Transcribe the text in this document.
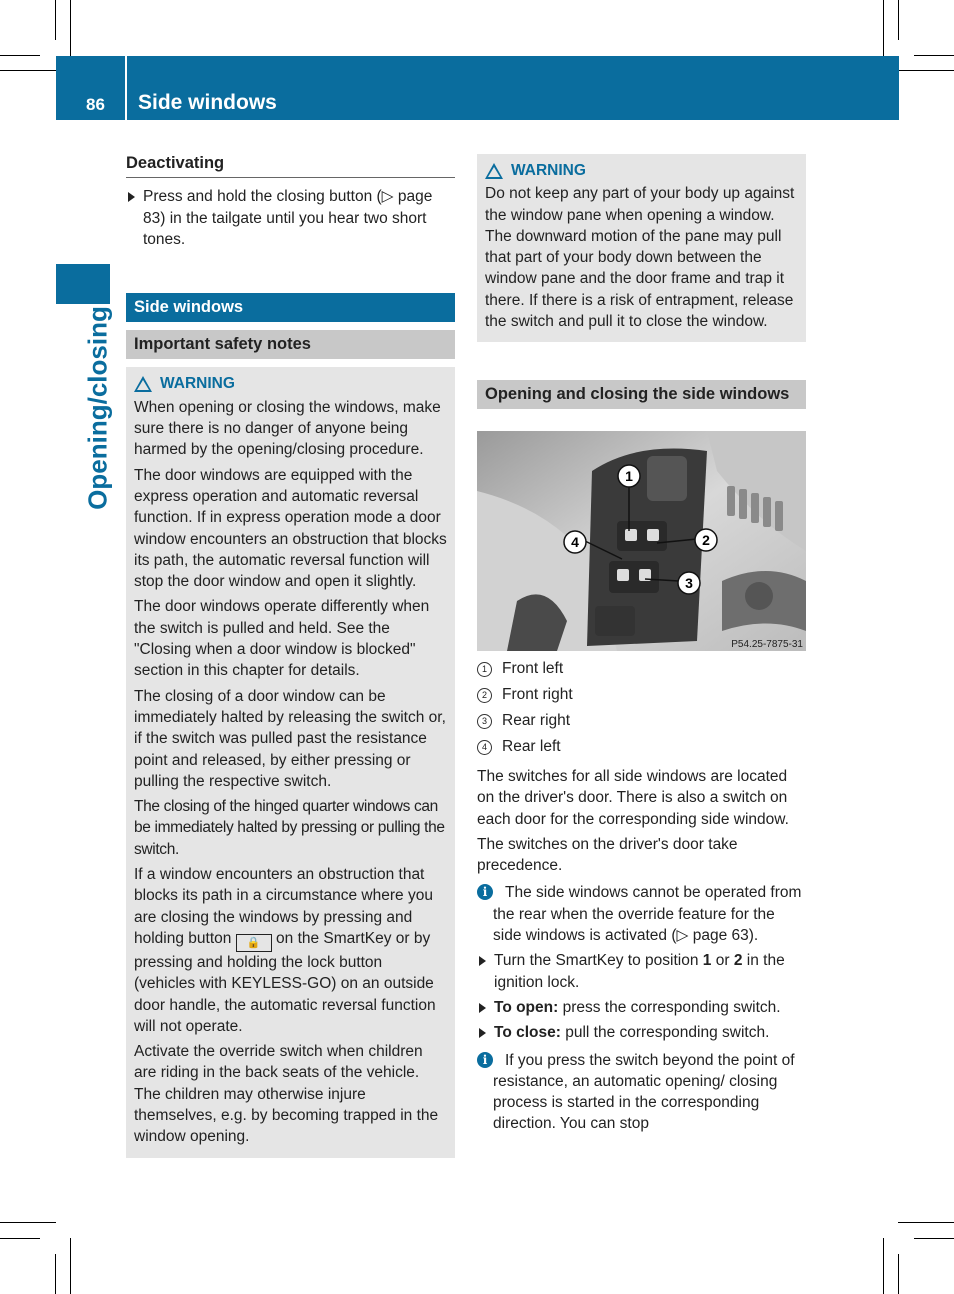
86 Side windows
Opening/closing
Deactivating

Press and hold the closing button (▷ page 83) in the tailgate until you hear two short tones.

Side windows
Important safety notes
WARNING

When opening or closing the windows, make sure there is no danger of anyone being harmed by the opening/closing procedure.

The door windows are equipped with the express operation and automatic reversal function. If in express operation mode a door window encounters an obstruction that blocks its path, the automatic reversal function will stop the door window and open it slightly.

The door windows operate differently when the switch is pulled and held. See the "Closing when a door window is blocked" section in this chapter for details.

The closing of a door window can be immediately halted by releasing the switch or, if the switch was pulled past the resistance point and released, by either pressing or pulling the respective switch.

The closing of the hinged quarter windows can be immediately halted by pressing or pulling the switch.

If a window encounters an obstruction that blocks its path in a circumstance where you are closing the windows by pressing and holding button 🔒 on the SmartKey or by pressing and holding the lock button (vehicles with KEYLESS-GO) on an outside door handle, the automatic reversal function will not operate.

Activate the override switch when children are riding in the back seats of the vehicle. The children may otherwise injure themselves, e.g. by becoming trapped in the window opening.

WARNING

Do not keep any part of your body up against the window pane when opening a window. The downward motion of the pane may pull that part of your body down between the window pane and the door frame and trap it there. If there is a risk of entrapment, release the switch and pull it to close the window.

Opening and closing the side windows
1
2
3
4
P54.25-7875-31
1 Front left
2 Front right
3 Rear right
4 Rear left

The switches for all side windows are located on the driver's door. There is also a switch on each door for the corresponding side window.

The switches on the driver's door take precedence.

i	The side windows cannot be operated from the rear when the override feature for the side windows is activated (▷ page 63).

Turn the SmartKey to position 1 or 2 in the ignition lock.

To open: press the corresponding switch.

To close: pull the corresponding switch.

i	If you press the switch beyond the point of resistance, an automatic opening/ closing process is started in the corresponding direction. You can stop
